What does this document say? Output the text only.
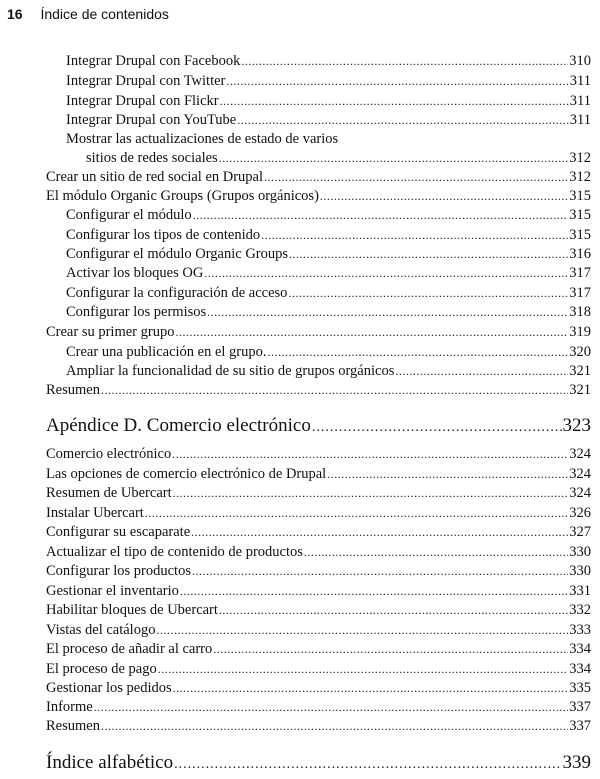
16 Índice de contenidos
Integrar Drupal con Facebook .....	310
Integrar Drupal con Twitter .....	311
Integrar Drupal con Flickr .....	311
Integrar Drupal con YouTube .....	311
Mostrar las actualizaciones de estado de varios
sitios de redes sociales .....	312
Crear un sitio de red social en Drupal .....	312
El módulo Organic Groups (Grupos orgánicos) .....	315
Configurar el módulo .....	315
Configurar los tipos de contenido .....	315
Configurar el módulo Organic Groups .....	316
Activar los bloques OG .....	317
Configurar la configuración de acceso .....	317
Configurar los permisos .....	318
Crear su primer grupo .....	319
Crear una publicación en el grupo. .....	320
Ampliar la funcionalidad de su sitio de grupos orgánicos .....	321
Resumen .....	321
Apéndice D. Comercio electrónico .....	323
Comercio electrónico .....	324
Las opciones de comercio electrónico de Drupal .....	324
Resumen de Ubercart .....	324
Instalar Ubercart .....	326
Configurar su escaparate .....	327
Actualizar el tipo de contenido de productos .....	330
Configurar los productos .....	330
Gestionar el inventario .....	331
Habilitar bloques de Ubercart .....	332
Vistas del catálogo .....	333
El proceso de añadir al carro .....	334
El proceso de pago .....	334
Gestionar los pedidos .....	335
Informe .....	337
Resumen .....	337
Índice alfabético .....	339
